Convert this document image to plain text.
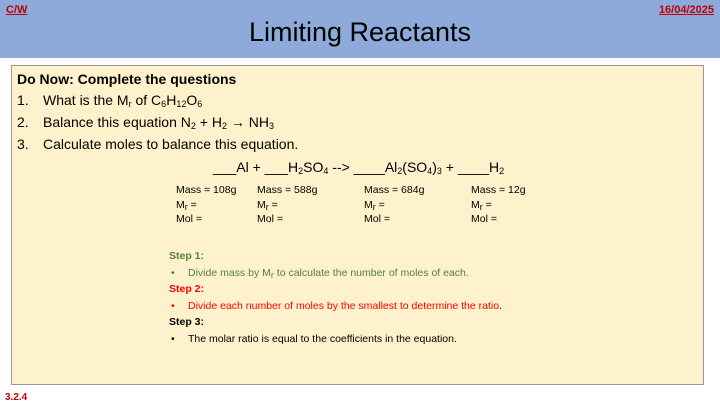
C/W	16/04/2025
Limiting Reactants
Do Now: Complete the questions
1. What is the $M_r$ of $C_6H_{12}O_6$
2. Balance this equation $N_2 + H_2 \to NH_3$
3. Calculate moles to balance this equation.
___Al + $\_\_\_H_2SO_4$ --> $\_\_\_\_Al_2(SO_4)_3$ + $\_\_\_\_H_2$
Mass = 108g
$M_r$ =
Mol =
Mass = 588g
$M_r$ =
Mol =
Mass = 684g
$M_r$ =
Mol =
Mass = 12g
$M_r$ =
Mol =
Step 1:
• Divide mass by $M_r$ to calculate the number of moles of each.
Step 2:
• Divide each number of moles by the smallest to determine the ratio.
Step 3:
• The molar ratio is equal to the coefficients in the equation.
3.2.4
